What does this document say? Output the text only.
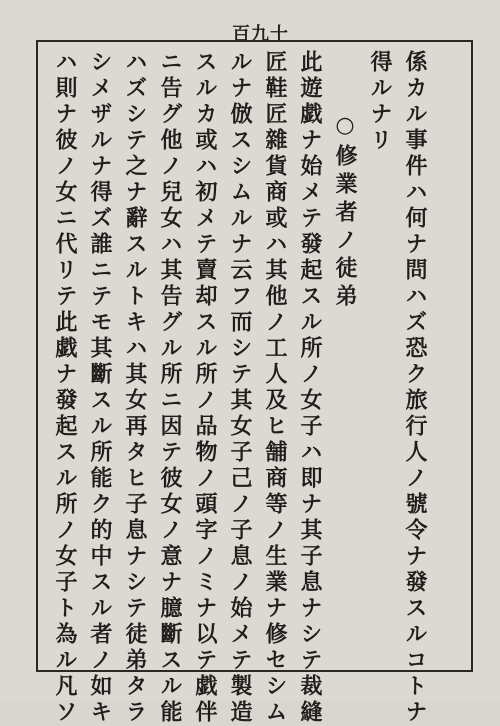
百九十
係カル事件ハ何ナ問ハズ恐ク旅行人ノ號令ナ發スルコトナ
得ルナリ
○修業者ノ徒弟
此遊戯ナ始メテ發起スル所ノ女子ハ即ナ其子息ナシテ裁縫
匠鞋匠雜貨商或ハ其他ノ工人及ヒ舗商等ノ生業ナ修セシム
ルナ倣スシムルナ云フ而シテ其女子己ノ子息ノ始メテ製造
スルカ或ハ初メテ賣却スル所ノ品物ノ頭字ノミナ以テ戯伴
ニ告グ他ノ兒女ハ其告グル所ニ因テ彼女ノ意ナ臆斷スル能
ハズシテ之ナ辭スルトキハ其女再タヒ子息ナシテ徒弟タラ
シメザルナ得ズ誰ニテモ其斷スル所能ク的中スル者ノ如キ
ハ則ナ彼ノ女ニ代リテ此戯ナ發起スル所ノ女子ト為ル凡ソ
